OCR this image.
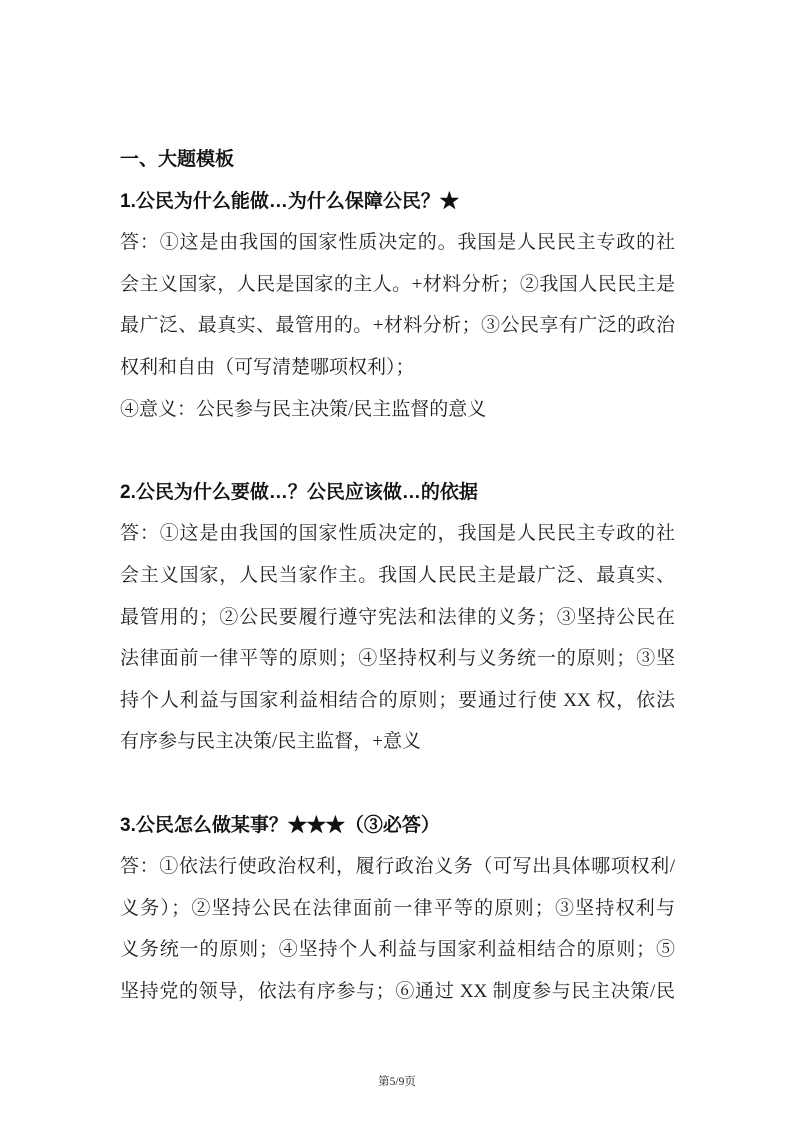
一、大题模板
1.公民为什么能做…为什么保障公民？★
答：①这是由我国的国家性质决定的。我国是人民民主专政的社
会主义国家，人民是国家的主人。+材料分析；②我国人民民主是
最广泛、最真实、最管用的。+材料分析；③公民享有广泛的政治
权利和自由（可写清楚哪项权利）；
④意义：公民参与民主决策/民主监督的意义
2.公民为什么要做…？公民应该做…的依据
答：①这是由我国的国家性质决定的，我国是人民民主专政的社
会主义国家，人民当家作主。我国人民民主是最广泛、最真实、
最管用的；②公民要履行遵守宪法和法律的义务；③坚持公民在
法律面前一律平等的原则；④坚持权利与义务统一的原则；③坚
持个人利益与国家利益相结合的原则；要通过行使 XX 权，依法
有序参与民主决策/民主监督，+意义
3.公民怎么做某事？★★★（③必答）
答：①依法行使政治权利，履行政治义务（可写出具体哪项权利/
义务）；②坚持公民在法律面前一律平等的原则；③坚持权利与
义务统一的原则；④坚持个人利益与国家利益相结合的原则；⑤
坚持党的领导，依法有序参与；⑥通过 XX 制度参与民主决策/民
第5/9页
